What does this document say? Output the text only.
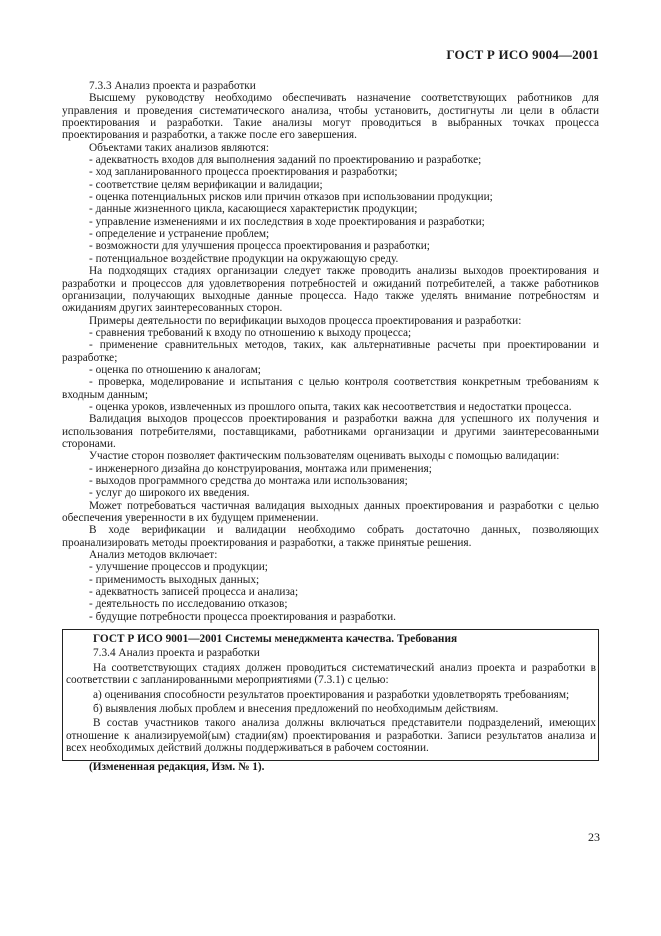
ГОСТ Р ИСО 9004—2001

7.3.3 Анализ проекта и разработки

Высшему руководству необходимо обеспечивать назначение соответствующих работников для управления и проведения систематического анализа, чтобы установить, достигнуты ли цели в области проектирования и разработки. Такие анализы могут проводиться в выбранных точках процесса проектирования и разработки, а также после его завершения.

Объектами таких анализов являются:

- адекватность входов для выполнения заданий по проектированию и разработке;

- ход запланированного процесса проектирования и разработки;

- соответствие целям верификации и валидации;

- оценка потенциальных рисков или причин отказов при использовании продукции;

- данные жизненного цикла, касающиеся характеристик продукции;

- управление изменениями и их последствия в ходе проектирования и разработки;

- определение и устранение проблем;

- возможности для улучшения процесса проектирования и разработки;

- потенциальное воздействие продукции на окружающую среду.

На подходящих стадиях организации следует также проводить анализы выходов проектирования и разработки и процессов для удовлетворения потребностей и ожиданий потребителей, а также работников организации, получающих выходные данные процесса. Надо также уделять внимание потребностям и ожиданиям других заинтересованных сторон.

Примеры деятельности по верификации выходов процесса проектирования и разработки:

- сравнения требований к входу по отношению к выходу процесса;

- применение сравнительных методов, таких, как альтернативные расчеты при проектировании и разработке;

- оценка по отношению к аналогам;

- проверка, моделирование и испытания с целью контроля соответствия конкретным требованиям к входным данным;

- оценка уроков, извлеченных из прошлого опыта, таких как несоответствия и недостатки процесса.

Валидация выходов процессов проектирования и разработки важна для успешного их получения и использования потребителями, поставщиками, работниками организации и другими заинтересованными сторонами.

Участие сторон позволяет фактическим пользователям оценивать выходы с помощью валидации:

- инженерного дизайна до конструирования, монтажа или применения;

- выходов программного средства до монтажа или использования;

- услуг до широкого их введения.

Может потребоваться частичная валидация выходных данных проектирования и разработки с целью обеспечения уверенности в их будущем применении.

В ходе верификации и валидации необходимо собрать достаточно данных, позволяющих проанализировать методы проектирования и разработки, а также принятые решения.

Анализ методов включает:

- улучшение процессов и продукции;

- применимость выходных данных;

- адекватность записей процесса и анализа;

- деятельность по исследованию отказов;

- будущие потребности процесса проектирования и разработки.

ГОСТ Р ИСО 9001—2001 Системы менеджмента качества. Требования

7.3.4 Анализ проекта и разработки

На соответствующих стадиях должен проводиться систематический анализ проекта и разработки в соответствии с запланированными мероприятиями (7.3.1) с целью:

а) оценивания способности результатов проектирования и разработки удовлетворять требованиям;

б) выявления любых проблем и внесения предложений по необходимым действиям.

В состав участников такого анализа должны включаться представители подразделений, имеющих отношение к анализируемой(ым) стадии(ям) проектирования и разработки. Записи результатов анализа и всех необходимых действий должны поддерживаться в рабочем состоянии.

(Измененная редакция, Изм. № 1).

23
